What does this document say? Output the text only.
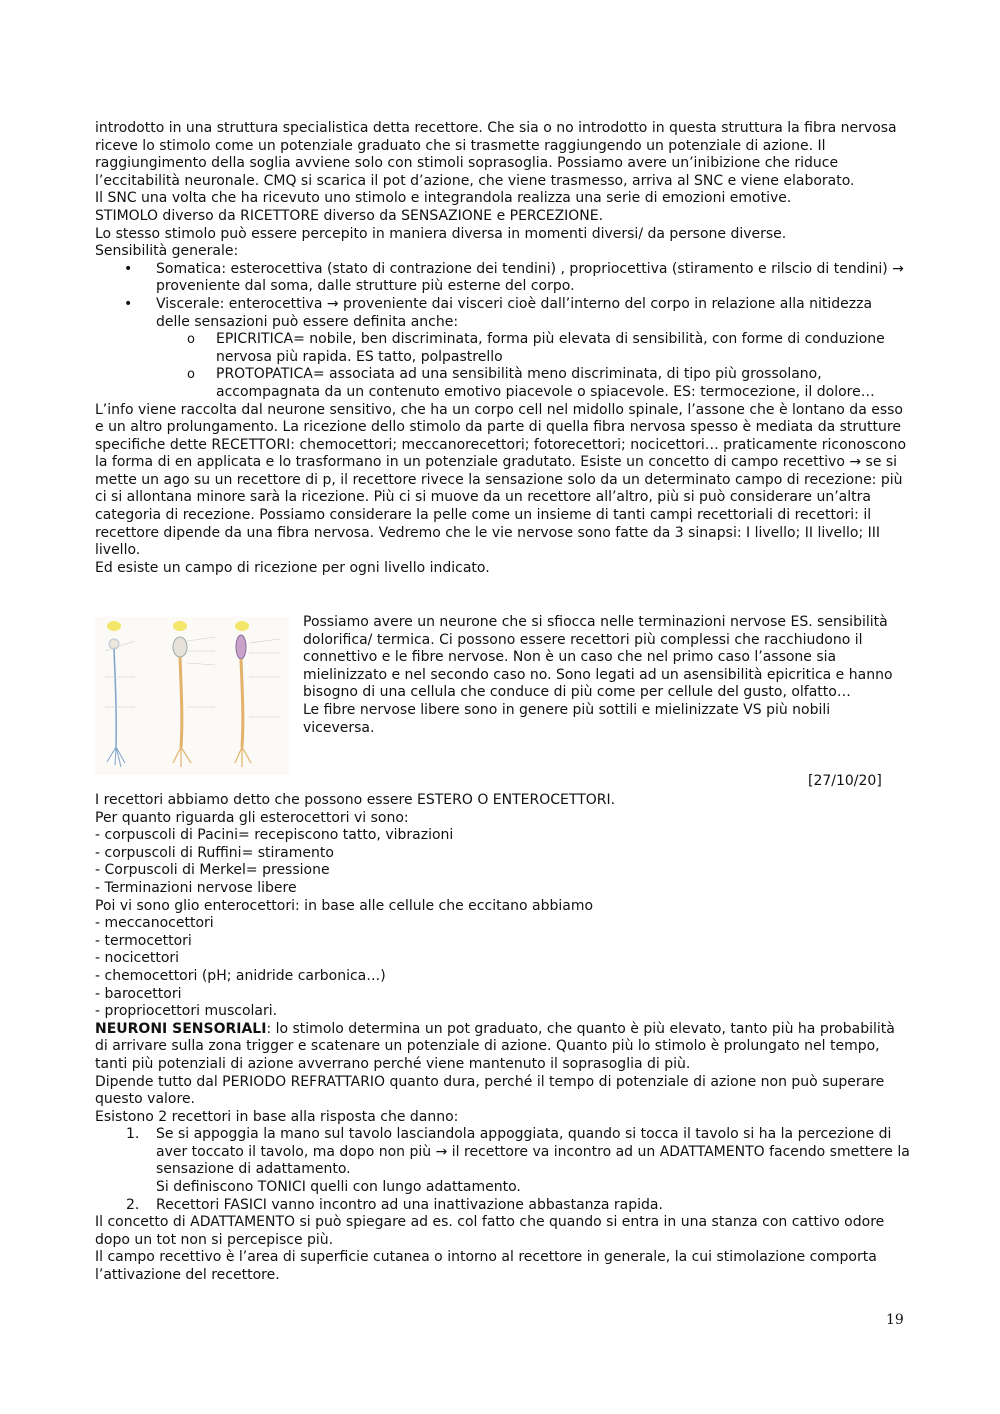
introdotto in una struttura specialistica detta recettore. Che sia o no introdotto in questa struttura la fibra nervosa riceve lo stimolo come un potenziale graduato che si trasmette raggiungendo un potenziale di azione. Il raggiungimento della soglia avviene solo con stimoli soprasoglia. Possiamo avere un’inibizione che riduce l’eccitabilità neuronale. CMQ si scarica il pot d’azione, che viene trasmesso, arriva al SNC e viene elaborato.

Il SNC una volta che ha ricevuto uno stimolo e integrandola realizza una serie di emozioni emotive.

STIMOLO diverso da RICETTORE diverso da SENSAZIONE e PERCEZIONE.

Lo stesso stimolo può essere percepito in maniera diversa in momenti diversi/ da persone diverse.

Sensibilità generale:

• Somatica: esterocettiva (stato di contrazione dei tendini) , propriocettiva (stiramento e rilscio di tendini) → proveniente dal soma, dalle strutture più esterne del corpo.
• Viscerale: enterocettiva → proveniente dai visceri cioè dall’interno del corpo in relazione alla nitidezza delle sensazioni può essere definita anche:
o EPICRITICA= nobile, ben discriminata, forma più elevata di sensibilità, con forme di conduzione nervosa più rapida. ES tatto, polpastrello
o PROTOPATICA= associata ad una sensibilità meno discriminata, di tipo più grossolano, accompagnata da un contenuto emotivo piacevole o spiacevole. ES: termocezione, il dolore…

L’info viene raccolta dal neurone sensitivo, che ha un corpo cell nel midollo spinale, l’assone che è lontano da esso e un altro prolungamento. La ricezione dello stimolo da parte di quella fibra nervosa spesso è mediata da strutture specifiche dette RECETTORI: chemocettori; meccanorecettori; fotorecettori; nocicettori… praticamente riconoscono la forma di en applicata e lo trasformano in un potenziale gradutato. Esiste un concetto di campo recettivo → se si mette un ago su un recettore di p, il recettore rivece la sensazione solo da un determinato campo di recezione: più ci si allontana minore sarà la ricezione. Più ci si muove da un recettore all’altro, più si può considerare un’altra categoria di recezione. Possiamo considerare la pelle come un insieme di tanti campi recettoriali di recettori: il recettore dipende da una fibra nervosa. Vedremo che le vie nervose sono fatte da 3 sinapsi: I livello; II livello; III livello.

Ed esiste un campo di ricezione per ogni livello indicato.

Possiamo avere un neurone che si sfiocca nelle terminazioni nervose ES. sensibilità dolorifica/ termica. Ci possono essere recettori più complessi che racchiudono il connettivo e le fibre nervose. Non è un caso che nel primo caso l’assone sia mielinizzato e nel secondo caso no. Sono legati ad un asensibilità epicritica e hanno bisogno di una cellula che conduce di più come per cellule del gusto, olfatto…

Le fibre nervose libere sono in genere più sottili e mielinizzate VS più nobili viceversa.

[27/10/20]

I recettori abbiamo detto che possono essere ESTERO O ENTEROCETTORI.

Per quanto riguarda gli esterocettori vi sono:

- corpuscoli di Pacini= recepiscono tatto, vibrazioni

- corpuscoli di Ruffini= stiramento

- Corpuscoli di Merkel= pressione

- Terminazioni nervose libere

Poi vi sono glio enterocettori: in base alle cellule che eccitano abbiamo

- meccanocettori

- termocettori

- nocicettori

- chemocettori (pH; anidride carbonica…)

- barocettori

- propriocettori muscolari.

NEURONI SENSORIALI: lo stimolo determina un pot graduato, che quanto è più elevato, tanto più ha probabilità di arrivare sulla zona trigger e scatenare un potenziale di azione. Quanto più lo stimolo è prolungato nel tempo, tanti più potenziali di azione avverrano perché viene mantenuto il soprasoglia di più.

Dipende tutto dal PERIODO REFRATTARIO quanto dura, perché il tempo di potenziale di azione non può superare questo valore.

Esistono 2 recettori in base alla risposta che danno:

1. Se si appoggia la mano sul tavolo lasciandola appoggiata, quando si tocca il tavolo si ha la percezione di aver toccato il tavolo, ma dopo non più → il recettore va incontro ad un ADATTAMENTO facendo smettere la sensazione di adattamento.
Si definiscono TONICI quelli con lungo adattamento.
2. Recettori FASICI vanno incontro ad una inattivazione abbastanza rapida.

Il concetto di ADATTAMENTO si può spiegare ad es. col fatto che quando si entra in una stanza con cattivo odore dopo un tot non si percepisce più.

Il campo recettivo è l’area di superficie cutanea o intorno al recettore in generale, la cui stimolazione comporta l’attivazione del recettore.

19
